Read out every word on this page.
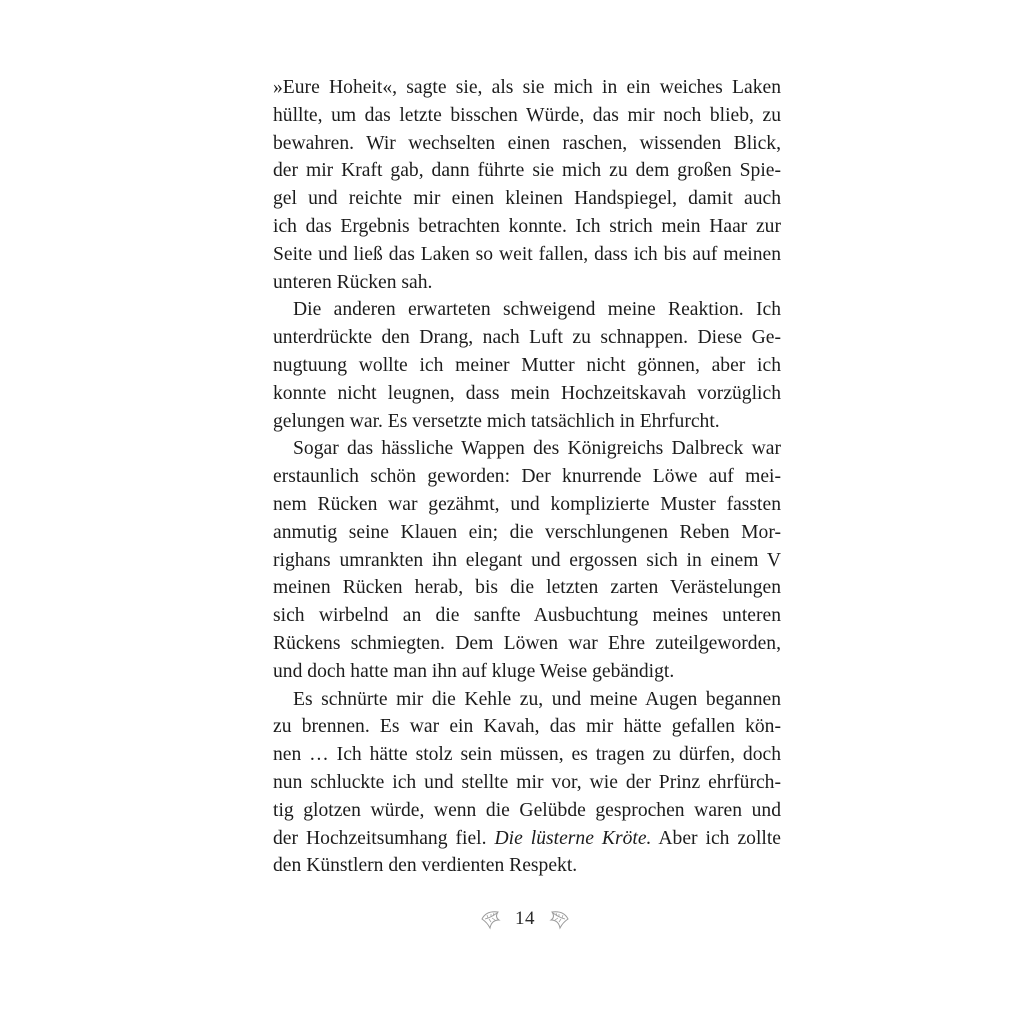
»Eure Hoheit«, sagte sie, als sie mich in ein weiches Laken
hüllte, um das letzte bisschen Würde, das mir noch blieb, zu
bewahren. Wir wechselten einen raschen, wissenden Blick,
der mir Kraft gab, dann führte sie mich zu dem großen Spie-
gel und reichte mir einen kleinen Handspiegel, damit auch
ich das Ergebnis betrachten konnte. Ich strich mein Haar zur
Seite und ließ das Laken so weit fallen, dass ich bis auf meinen
unteren Rücken sah.
Die anderen erwarteten schweigend meine Reaktion. Ich
unterdrückte den Drang, nach Luft zu schnappen. Diese Ge-
nugtuung wollte ich meiner Mutter nicht gönnen, aber ich
konnte nicht leugnen, dass mein Hochzeitskavah vorzüglich
gelungen war. Es versetzte mich tatsächlich in Ehrfurcht.
Sogar das hässliche Wappen des Königreichs Dalbreck war
erstaunlich schön geworden: Der knurrende Löwe auf mei-
nem Rücken war gezähmt, und komplizierte Muster fassten
anmutig seine Klauen ein; die verschlungenen Reben Mor-
righans umrankten ihn elegant und ergossen sich in einem V
meinen Rücken herab, bis die letzten zarten Verästelungen
sich wirbelnd an die sanfte Ausbuchtung meines unteren
Rückens schmiegten. Dem Löwen war Ehre zuteilgeworden,
und doch hatte man ihn auf kluge Weise gebändigt.
Es schnürte mir die Kehle zu, und meine Augen begannen
zu brennen. Es war ein Kavah, das mir hätte gefallen kön-
nen … Ich hätte stolz sein müssen, es tragen zu dürfen, doch
nun schluckte ich und stellte mir vor, wie der Prinz ehrfürch-
tig glotzen würde, wenn die Gelübde gesprochen waren und
der Hochzeitsumhang fiel. Die lüsterne Kröte. Aber ich zollte
den Künstlern den verdienten Respekt.
14
